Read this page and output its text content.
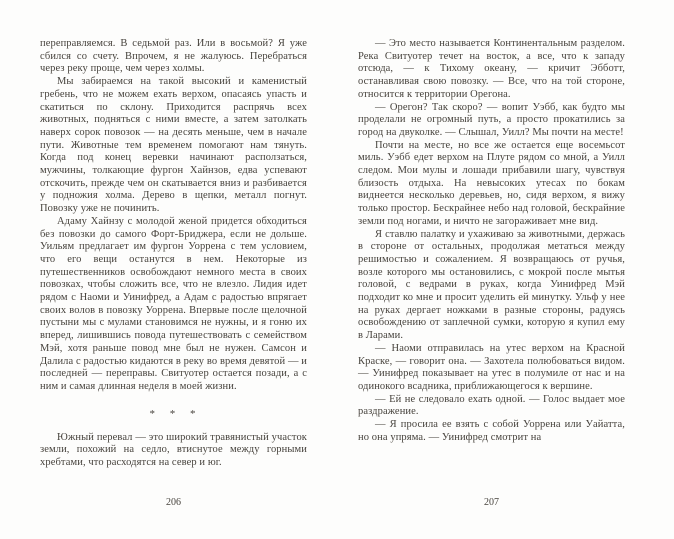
переправляемся. В седьмой раз. Или в восьмой? Я уже сбился со счету. Впрочем, я не жалуюсь. Перебраться через реку проще, чем через холмы.

Мы забираемся на такой высокий и каменистый гребень, что не можем ехать верхом, опасаясь упасть и скатиться по склону. Приходится распрячь всех животных, подняться с ними вместе, а затем затолкать наверх сорок повозок — на десять меньше, чем в начале пути. Животные тем временем помогают нам тянуть. Когда под конец веревки начинают расползаться, мужчины, толкающие фургон Хайнзов, едва успевают отскочить, прежде чем он скатывается вниз и разбивается у подножия холма. Дерево в щепки, металл погнут. Повозку уже не починить.

Адаму Хайнзу с молодой женой придется обходиться без повозки до самого Форт-Бриджера, если не дольше. Уильям предлагает им фургон Уоррена с тем условием, что его вещи останутся в нем. Некоторые из путешественников освобождают немного места в своих повозках, чтобы сложить все, что не влезло. Лидия идет рядом с Наоми и Уинифред, а Адам с радостью впрягает своих волов в повозку Уоррена. Впервые после щелочной пустыни мы с мулами становимся не нужны, и я гоню их вперед, лишившись повода путешествовать с семейством Мэй, хотя раньше повод мне был не нужен. Самсон и Далила с радостью кидаются в реку во время девятой — и последней — переправы. Свитуотер остается позади, а с ним и самая длинная неделя в моей жизни.

* * *

Южный перевал — это широкий травянистый участок земли, похожий на седло, втиснутое между горными хребтами, что расходятся на север и юг.

206

— Это место называется Континентальным разделом. Река Свитуотер течет на восток, а все, что к западу отсюда, — к Тихому океану, — кричит Эбботт, останавливая свою повозку. — Все, что на той стороне, относится к территории Орегона.

— Орегон? Так скоро? — вопит Уэбб, как будто мы проделали не огромный путь, а просто прокатились за город на двуколке. — Слышал, Уилл? Мы почти на месте!

Почти на месте, но все же остается еще восемьсот миль. Уэбб едет верхом на Плуте рядом со мной, а Уилл следом. Мои мулы и лошади прибавили шагу, чувствуя близость отдыха. На невысоких утесах по бокам виднеется несколько деревьев, но, сидя верхом, я вижу только простор. Бескрайнее небо над головой, бескрайние земли под ногами, и ничто не загораживает мне вид.

Я ставлю палатку и ухаживаю за животными, держась в стороне от остальных, продолжая метаться между решимостью и сожалением. Я возвращаюсь от ручья, возле которого мы остановились, с мокрой после мытья головой, с ведрами в руках, когда Уинифред Мэй подходит ко мне и просит уделить ей минутку. Ульф у нее на руках дергает ножками в разные стороны, радуясь освобождению от заплечной сумки, которую я купил ему в Ларами.

— Наоми отправилась на утес верхом на Красной Краске, — говорит она. — Захотела полюбоваться видом. — Уинифред показывает на утес в полумиле от нас и на одинокого всадника, приближающегося к вершине.

— Ей не следовало ехать одной. — Голос выдает мое раздражение.

— Я просила ее взять с собой Уоррена или Уайатта, но она упряма. — Уинифред смотрит на

207
